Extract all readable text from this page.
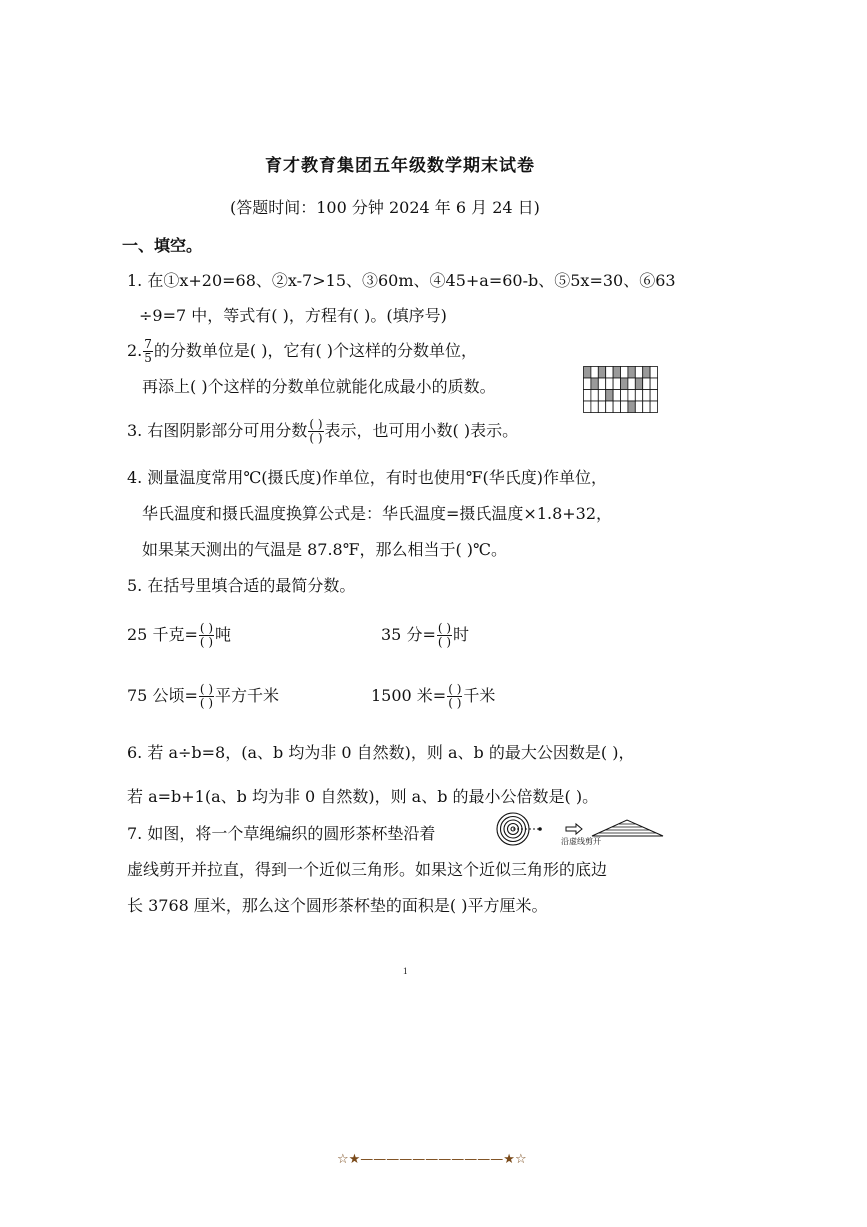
育才教育集团五年级数学期末试卷
(答题时间：100 分钟 2024 年 6 月 24 日)
一、填空。
1. 在①x+20=68、②x-7>15、③60m、④45+a=60-b、⑤5x=30、⑥63
÷9=7 中，等式有( )，方程有( )。(填序号)
2. $\frac{7}{5}$ 的分数单位是( )，它有( )个这样的分数单位，
再添上( )个这样的分数单位就能化成最小的质数。
3. 右图阴影部分可用分数 $\frac{( )}{( )}$ 表示，也可用小数( )表示。
4. 测量温度常用℃(摄氏度)作单位，有时也使用℉(华氏度)作单位，
华氏温度和摄氏温度换算公式是：华氏温度=摄氏温度×1.8+32，
如果某天测出的气温是 87.8℉，那么相当于( )℃。
5. 在括号里填合适的最简分数。
25 千克= $\frac{( )}{( )}$ 吨	35 分= $\frac{( )}{( )}$ 时
75 公顷= $\frac{( )}{( )}$ 平方千米	1500 米= $\frac{( )}{( )}$ 千米
6. 若 a÷b=8，(a、b 均为非 0 自然数)，则 a、b 的最大公因数是( )，
若 a=b+1(a、b 均为非 0 自然数)，则 a、b 的最小公倍数是( )。
7. 如图，将一个草绳编织的圆形茶杯垫沿着	沿虚线剪开
虚线剪开并拉直，得到一个近似三角形。如果这个近似三角形的底边
长 3768 厘米，那么这个圆形茶杯垫的面积是( )平方厘米。
1
☆★———————————★☆
